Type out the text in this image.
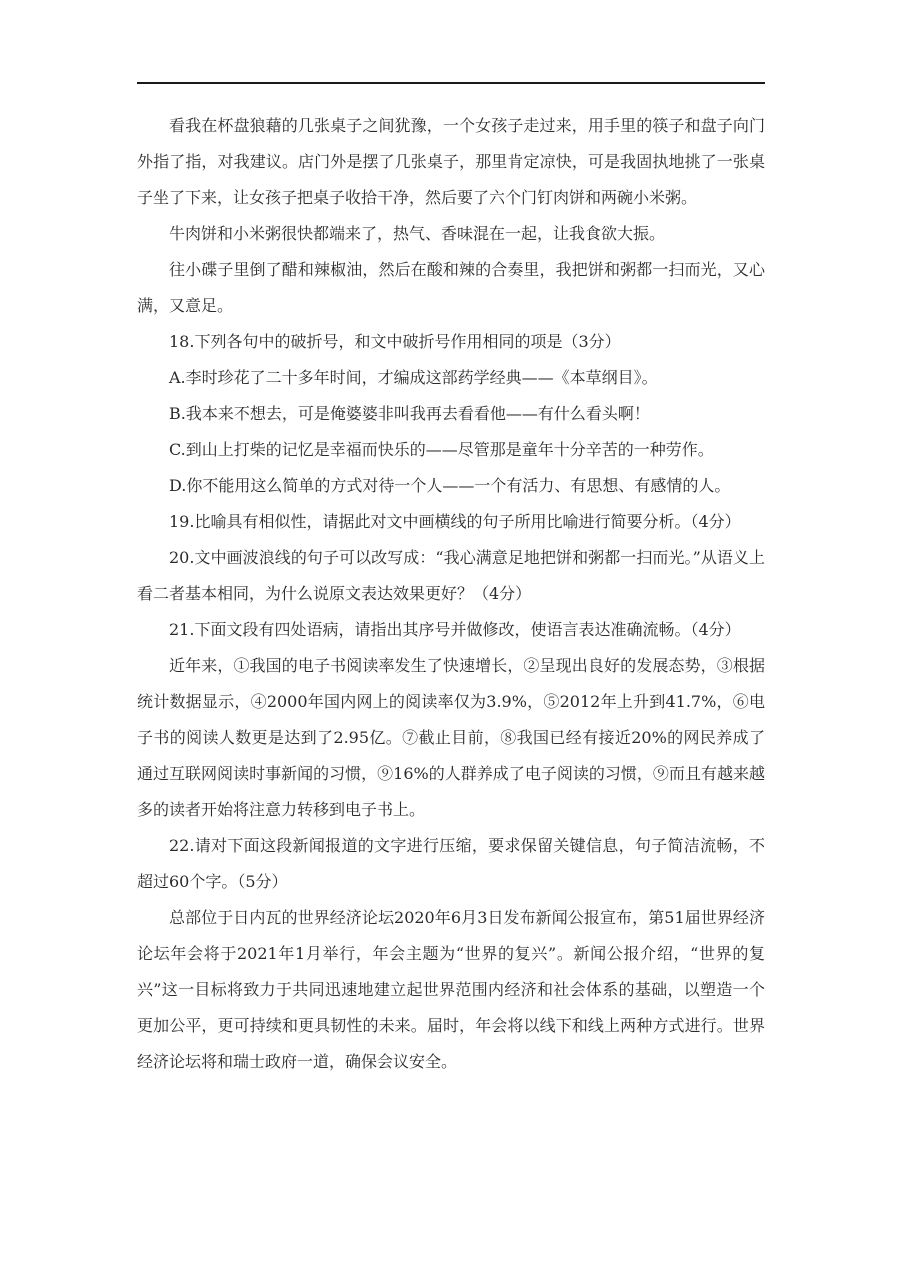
看我在杯盘狼藉的几张桌子之间犹豫，一个女孩子走过来，用手里的筷子和盘子向门外指了指，对我建议。店门外是摆了几张桌子，那里肯定凉快，可是我固执地挑了一张桌子坐了下来，让女孩子把桌子收拾干净，然后要了六个门钉肉饼和两碗小米粥。

牛肉饼和小米粥很快都端来了，热气、香味混在一起，让我食欲大振。

往小碟子里倒了醋和辣椒油，然后在酸和辣的合奏里，我把饼和粥都一扫而光，又心满，又意足。

18.下列各句中的破折号，和文中破折号作用相同的项是（3分）

A.李时珍花了二十多年时间，才编成这部药学经典——《本草纲目》。

B.我本来不想去，可是俺婆婆非叫我再去看看他——有什么看头啊！

C.到山上打柴的记忆是幸福而快乐的——尽管那是童年十分辛苦的一种劳作。

D.你不能用这么简单的方式对待一个人——一个有活力、有思想、有感情的人。

19.比喻具有相似性，请据此对文中画横线的句子所用比喻进行简要分析。（4分）

20.文中画波浪线的句子可以改写成：“我心满意足地把饼和粥都一扫而光。”从语义上看二者基本相同，为什么说原文表达效果更好？（4分）

21.下面文段有四处语病，请指出其序号并做修改，使语言表达准确流畅。（4分）

近年来，①我国的电子书阅读率发生了快速增长，②呈现出良好的发展态势，③根据统计数据显示，④2000年国内网上的阅读率仅为3.9%，⑤2012年上升到41.7%，⑥电子书的阅读人数更是达到了2.95亿。⑦截止目前，⑧我国已经有接近20%的网民养成了通过互联网阅读时事新闻的习惯，⑨16%的人群养成了电子阅读的习惯，⑨而且有越来越多的读者开始将注意力转移到电子书上。

22.请对下面这段新闻报道的文字进行压缩，要求保留关键信息，句子简洁流畅，不超过60个字。（5分）

总部位于日内瓦的世界经济论坛2020年6月3日发布新闻公报宣布，第51届世界经济论坛年会将于2021年1月举行，年会主题为“世界的复兴”。新闻公报介绍，“世界的复兴”这一目标将致力于共同迅速地建立起世界范围内经济和社会体系的基础，以塑造一个更加公平，更可持续和更具韧性的未来。届时，年会将以线下和线上两种方式进行。世界经济论坛将和瑞士政府一道，确保会议安全。
